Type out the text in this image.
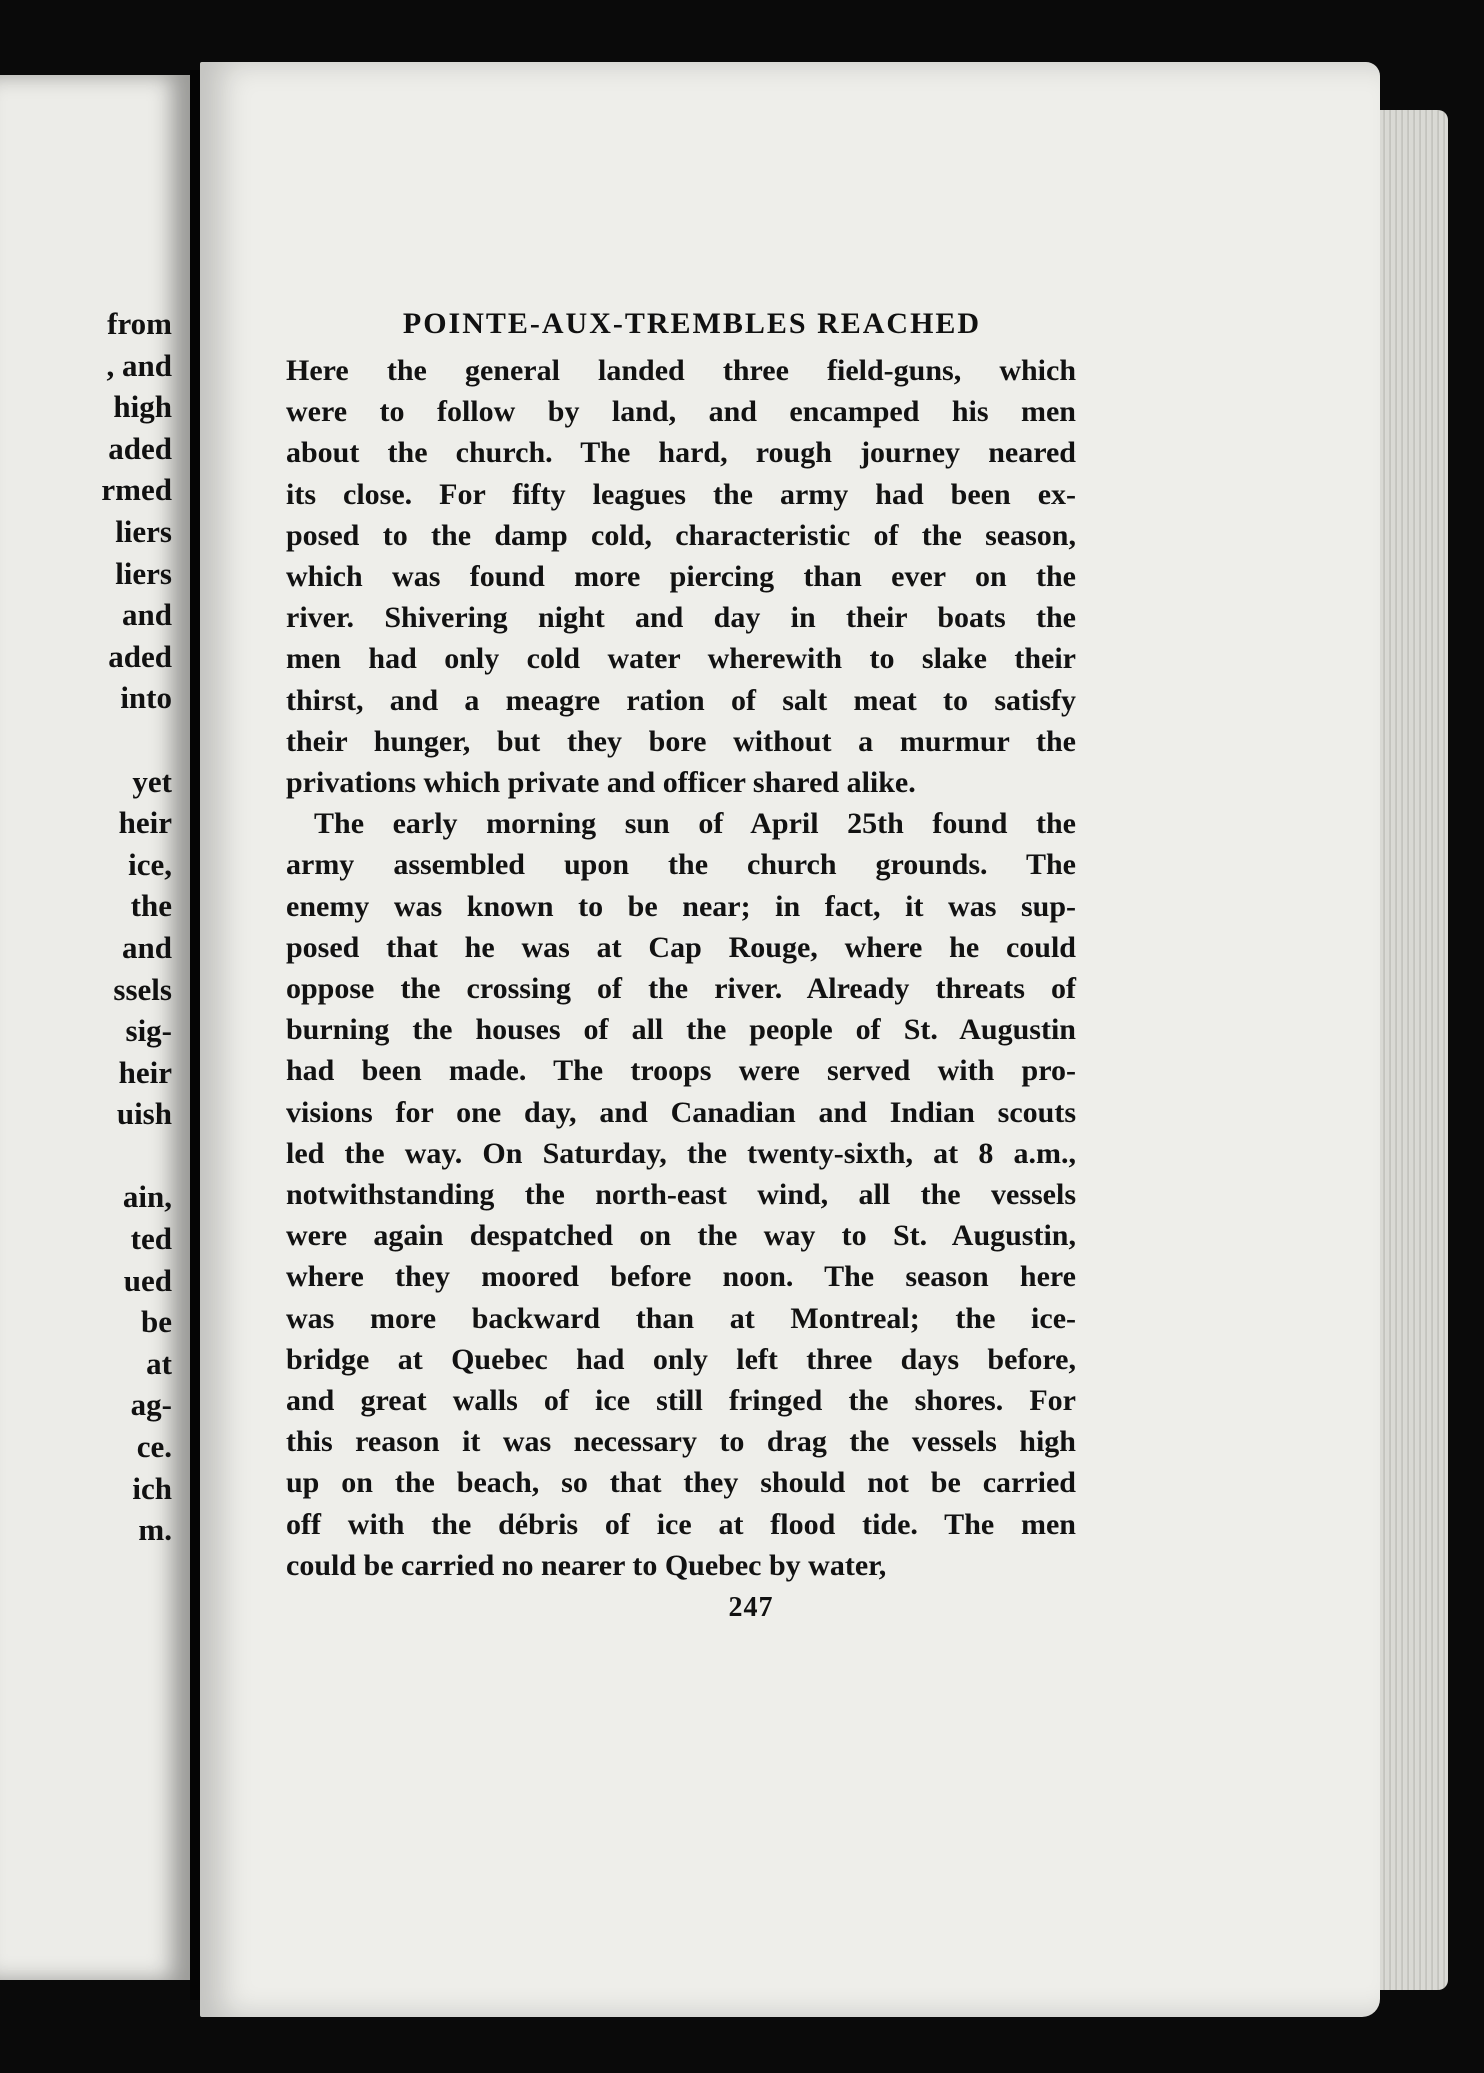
from
, and
high
aded
rmed
liers
liers
and
aded
into
yet
heir
ice,
the
and
ssels
sig-
heir
uish
ain,
ted
ued
be
at
ag-
ce.
ich
m.
POINTE-AUX-TREMBLES REACHED

Here the general landed three field-guns, which
were to follow by land, and encamped his men
about the church. The hard, rough journey neared
its close. For fifty leagues the army had been ex-
posed to the damp cold, characteristic of the season,
which was found more piercing than ever on the
river. Shivering night and day in their boats the
men had only cold water wherewith to slake their
thirst, and a meagre ration of salt meat to satisfy
their hunger, but they bore without a murmur the
privations which private and officer shared alike.

The early morning sun of April 25th found the
army assembled upon the church grounds. The
enemy was known to be near; in fact, it was sup-
posed that he was at Cap Rouge, where he could
oppose the crossing of the river. Already threats of
burning the houses of all the people of St. Augustin
had been made. The troops were served with pro-
visions for one day, and Canadian and Indian scouts
led the way. On Saturday, the twenty-sixth, at 8 a.m.,
notwithstanding the north-east wind, all the vessels
were again despatched on the way to St. Augustin,
where they moored before noon. The season here
was more backward than at Montreal; the ice-
bridge at Quebec had only left three days before,
and great walls of ice still fringed the shores. For
this reason it was necessary to drag the vessels high
up on the beach, so that they should not be carried
off with the débris of ice at flood tide. The men
could be carried no nearer to Quebec by water,

247
